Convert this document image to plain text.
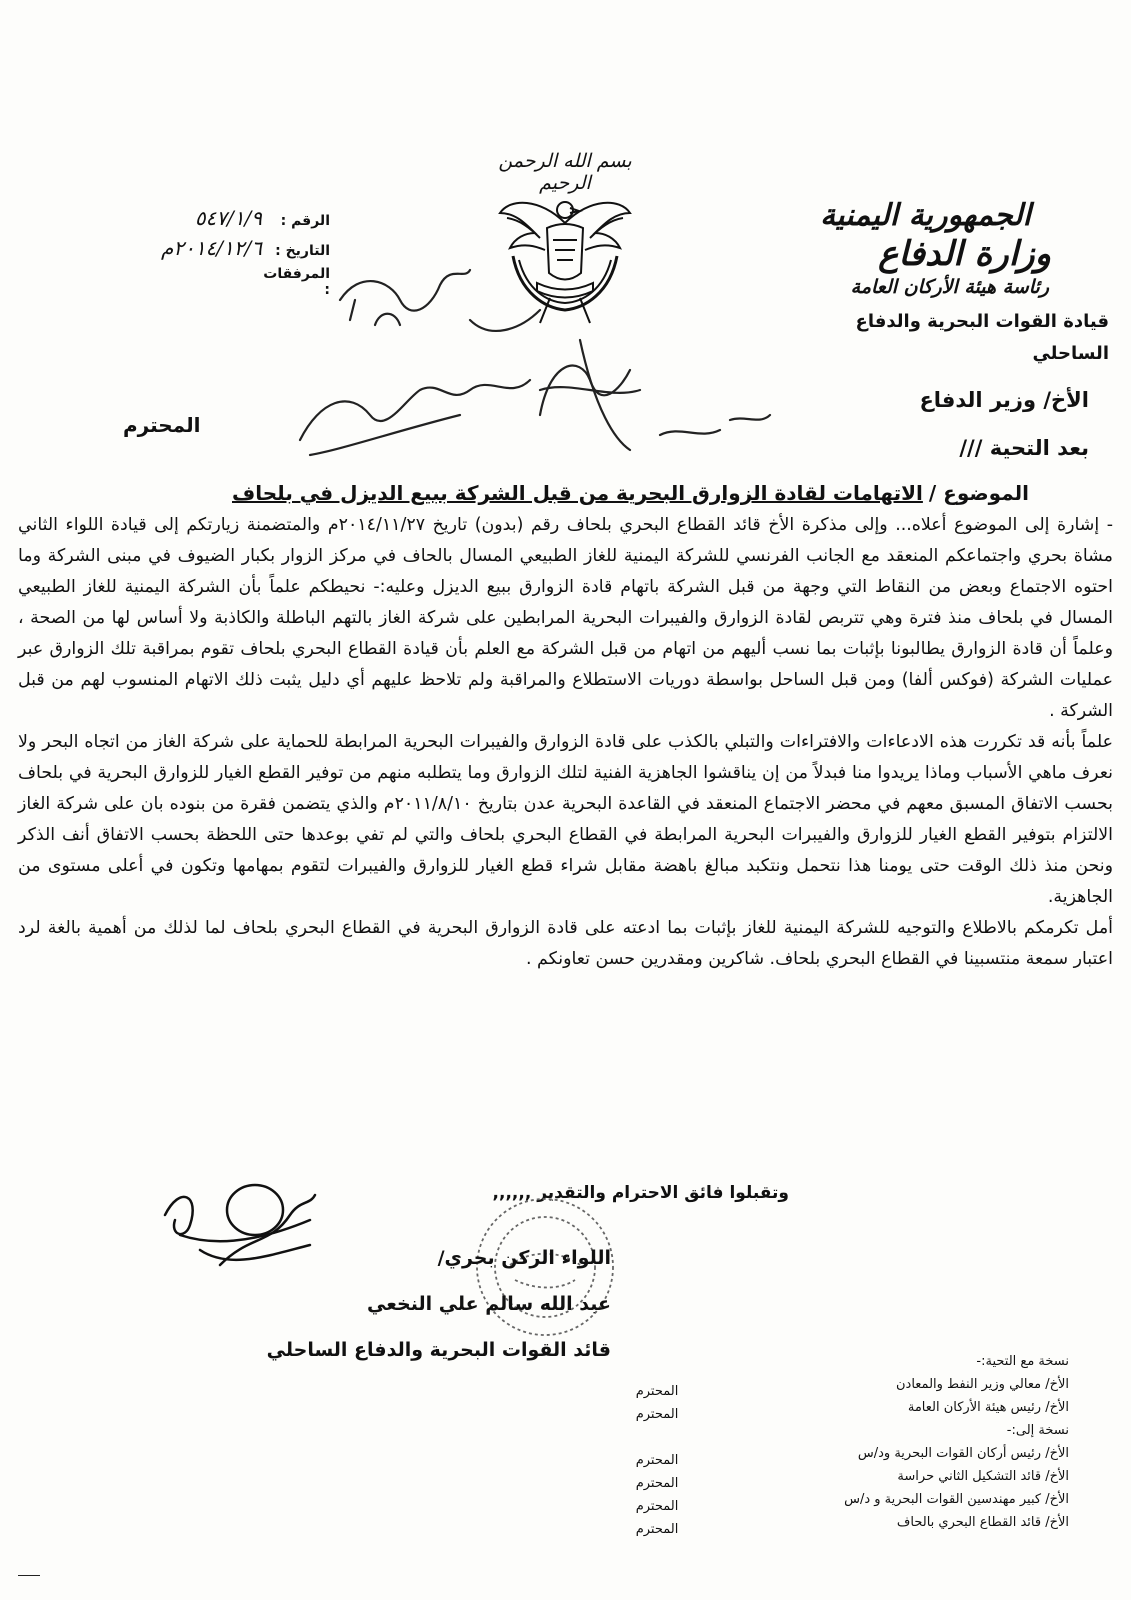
بسم الله الرحمن الرحيم
الجمهورية اليمنية
وزارة الدفاع
رئاسة هيئة الأركان العامة
قيادة القوات البحرية والدفاع الساحلي
الرقم :
٥٤٧/١/٩
التاريخ :
٢٠١٤/١٢/٦م
المرفقات :
الأخ/ وزير الدفاع
المحترم
بعد التحية ///
الموضوع /الاتهامات لقادة الزوارق البحرية من قبل الشركة ببيع الديزل في بلحاف

- إشارة إلى الموضوع أعلاه... وإلى مذكرة الأخ قائد القطاع البحري بلحاف رقم (بدون) تاريخ ٢٠١٤/١١/٢٧م والمتضمنة زيارتكم إلى قيادة اللواء الثاني مشاة بحري واجتماعكم المنعقد مع الجانب الفرنسي للشركة اليمنية للغاز الطبيعي المسال بالحاف في مركز الزوار بكبار الضيوف في مبنى الشركة وما احتوه الاجتماع وبعض من النقاط التي وجهة من قبل الشركة باتهام قادة الزوارق ببيع الديزل وعليه:- نحيطكم علماً بأن الشركة اليمنية للغاز الطبيعي المسال في بلحاف منذ فترة وهي تتربص لقادة الزوارق والفيبرات البحرية المرابطين على شركة الغاز بالتهم الباطلة والكاذبة ولا أساس لها من الصحة ، وعلماً أن قادة الزوارق يطالبونا بإثبات بما نسب أليهم من اتهام من قبل الشركة مع العلم بأن قيادة القطاع البحري بلحاف تقوم بمراقبة تلك الزوارق عبر عمليات الشركة (فوكس ألفا) ومن قبل الساحل بواسطة دوريات الاستطلاع والمراقبة ولم تلاحظ عليهم أي دليل يثبت ذلك الاتهام المنسوب لهم من قبل الشركة .

علماً بأنه قد تكررت هذه الادعاءات والافتراءات والتبلي بالكذب على قادة الزوارق والفيبرات البحرية المرابطة للحماية على شركة الغاز من اتجاه البحر ولا نعرف ماهي الأسباب وماذا يريدوا منا فبدلاً من إن يناقشوا الجاهزية الفنية لتلك الزوارق وما يتطلبه منهم من توفير القطع الغيار للزوارق البحرية في بلحاف بحسب الاتفاق المسبق معهم في محضر الاجتماع المنعقد في القاعدة البحرية عدن بتاريخ ٢٠١١/٨/١٠م والذي يتضمن فقرة من بنوده بان على شركة الغاز الالتزام بتوفير القطع الغيار للزوارق والفيبرات البحرية المرابطة في القطاع البحري بلحاف والتي لم تفي بوعدها حتى اللحظة بحسب الاتفاق أنف الذكر ونحن منذ ذلك الوقت حتى يومنا هذا نتحمل ونتكبد مبالغ باهضة مقابل شراء قطع الغيار للزوارق والفيبرات لتقوم بمهامها وتكون في أعلى مستوى من الجاهزية.

أمل تكرمكم بالاطلاع والتوجيه للشركة اليمنية للغاز بإثبات بما ادعته على قادة الزوارق البحرية في القطاع البحري بلحاف لما لذلك من أهمية بالغة لرد اعتبار سمعة منتسبينا في القطاع البحري بلحاف. شاكرين ومقدرين حسن تعاونكم .

وتقبلوا فائق الاحترام والتقدير ,,,,,,
اللواء الركن بحري/
عبد الله سالم علي النخعي
قائد القوات البحرية والدفاع الساحلي
نسخة مع التحية:-
الأخ/ معالي وزير النفط والمعادن
الأخ/ رئيس هيئة الأركان العامة
نسخة إلى:-
الأخ/ رئيس أركان القوات البحرية ود/س
الأخ/ قائد التشكيل الثاني حراسة
الأخ/ كبير مهندسين القوات البحرية و د/س
الأخ/ قائد القطاع البحري بالحاف
المحترم
المحترم
المحترم
المحترم
المحترم
المحترم
